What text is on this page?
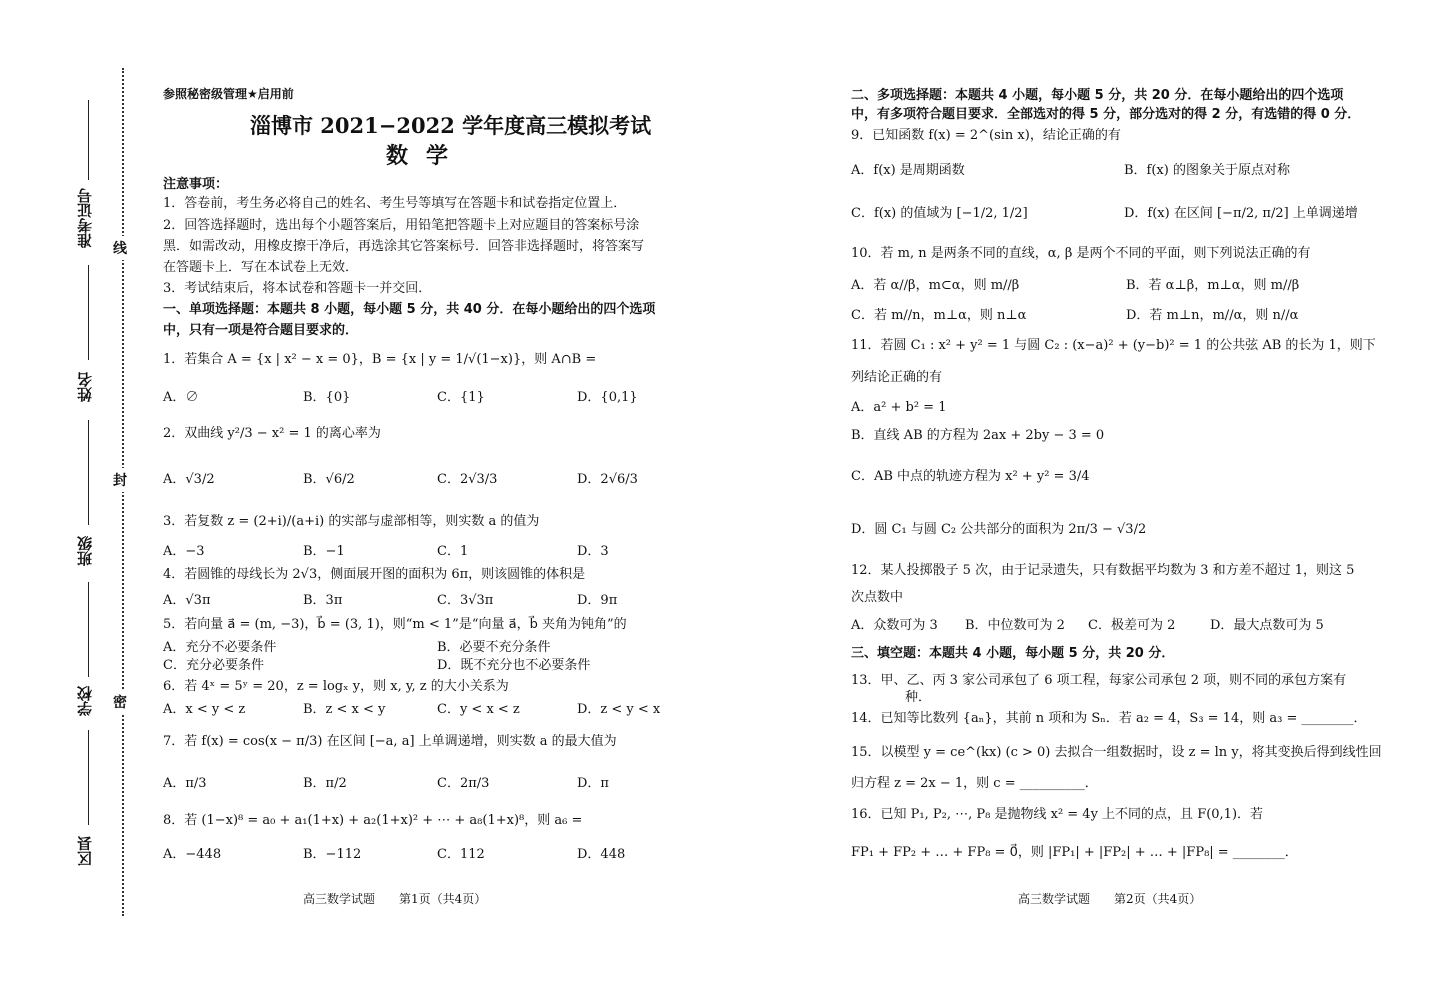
准考证号
姓名
班级
学校
区县
线
封
密
参照秘密级管理★启用前
淄博市 2021−2022 学年度高三模拟考试
数学
注意事项：
1．答卷前，考生务必将自己的姓名、考生号等填写在答题卡和试卷指定位置上．
2．回答选择题时，选出每个小题答案后，用铅笔把答题卡上对应题目的答案标号涂
黑．如需改动，用橡皮擦干净后，再选涂其它答案标号．回答非选择题时，将答案写
在答题卡上．写在本试卷上无效．
3．考试结束后，将本试卷和答题卡一并交回．
一、单项选择题：本题共 8 小题，每小题 5 分，共 40 分．在每小题给出的四个选项
中，只有一项是符合题目要求的．
1．若集合 A = {x | x² − x = 0}，B = {x | y = 1/√(1−x)}，则 A∩B =
A．∅	B．{0}	C．{1}	D．{0,1}
2．双曲线 y²/3 − x² = 1 的离心率为
A．√3/2	B．√6/2	C．2√3/3	D．2√6/3
3．若复数 z = (2+i)/(a+i) 的实部与虚部相等，则实数 a 的值为
A．−3	B．−1	C．1	D．3
4．若圆锥的母线长为 2√3，侧面展开图的面积为 6π，则该圆锥的体积是
A．√3π	B．3π	C．3√3π	D．9π
5．若向量 a⃗ = (m, −3)，b⃗ = (3, 1)，则“m < 1”是“向量 a⃗，b⃗ 夹角为钝角”的
A．充分不必要条件	B．必要不充分条件
C．充分必要条件	D．既不充分也不必要条件
6．若 4ˣ = 5ʸ = 20，z = logₓ y，则 x, y, z 的大小关系为
A．x < y < z	B．z < x < y	C．y < x < z	D．z < y < x
7．若 f(x) = cos(x − π/3) 在区间 [−a, a] 上单调递增，则实数 a 的最大值为
A．π/3	B．π/2	C．2π/3	D．π
8．若 (1−x)⁸ = a₀ + a₁(1+x) + a₂(1+x)² + ⋯ + a₈(1+x)⁸，则 a₆ =
A．−448	B．−112	C．112	D．448
高三数学试题　　第1页（共4页）
二、多项选择题：本题共 4 小题，每小题 5 分，共 20 分．在每小题给出的四个选项
中，有多项符合题目要求．全部选对的得 5 分，部分选对的得 2 分，有选错的得 0 分．
9．已知函数 f(x) = 2^(sin x)，结论正确的有
A．f(x) 是周期函数	B．f(x) 的图象关于原点对称
C．f(x) 的值域为 [−1/2, 1/2]	D．f(x) 在区间 [−π/2, π/2] 上单调递增
10．若 m, n 是两条不同的直线，α, β 是两个不同的平面，则下列说法正确的有
A．若 α//β，m⊂α，则 m//β	B．若 α⊥β，m⊥α，则 m//β
C．若 m//n，m⊥α，则 n⊥α	D．若 m⊥n，m//α，则 n//α
11．若圆 C₁ : x² + y² = 1 与圆 C₂ : (x−a)² + (y−b)² = 1 的公共弦 AB 的长为 1，则下
列结论正确的有
A．a² + b² = 1
B．直线 AB 的方程为 2ax + 2by − 3 = 0
C．AB 中点的轨迹方程为 x² + y² = 3/4
D．圆 C₁ 与圆 C₂ 公共部分的面积为 2π/3 − √3/2
12．某人投掷骰子 5 次，由于记录遗失，只有数据平均数为 3 和方差不超过 1，则这 5
次点数中
A．众数可为 3 B．中位数可为 2 C．极差可为 2	D．最大点数可为 5
三、填空题：本题共 4 小题，每小题 5 分，共 20 分．
13．甲、乙、丙 3 家公司承包了 6 项工程，每家公司承包 2 项，则不同的承包方案有
种．
14．已知等比数列 {aₙ}，其前 n 项和为 Sₙ．若 a₂ = 4，S₃ = 14，则 a₃ = ________．
15．以模型 y = ce^(kx) (c > 0) 去拟合一组数据时，设 z = ln y，将其变换后得到线性回
归方程 z = 2x − 1，则 c = __________．
16．已知 P₁, P₂, ⋯, P₈ 是抛物线 x² = 4y 上不同的点，且 F(0,1)．若
FP₁ + FP₂ + … + FP₈ = 0⃗，则 |FP₁| + |FP₂| + … + |FP₈| = ________．
高三数学试题　　第2页（共4页）
